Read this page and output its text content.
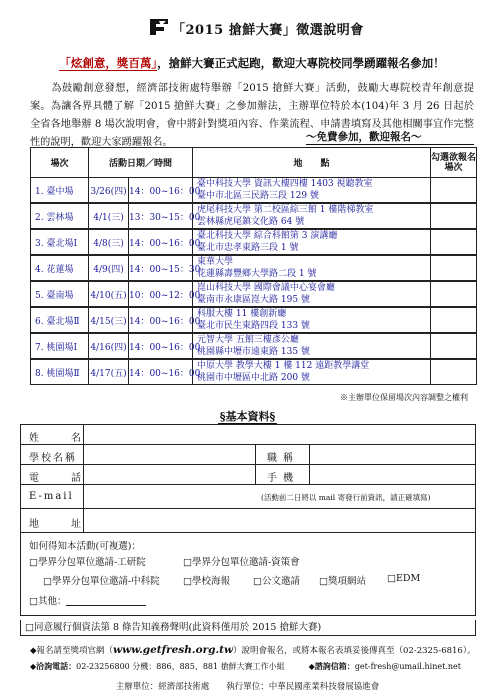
「2015 搶鮮大賽」徵選說明會
「炫創意，獎百萬」，搶鮮大賽正式起跑，歡迎大專院校同學踴躍報名參加！
為鼓勵創意發想，經濟部技術處特舉辦「2015 搶鮮大賽」活動，鼓勵大專院校青年創意提案。為讓各界具體了解「2015 搶鮮大賽」之參加辦法，主辦單位特於本(104)年 3 月 26 日起於全省各地舉辦 8 場次說明會，會中將針對獎項內容、作業流程、申請書填寫及其他相關事宜作完整性的說明，歡迎大家踴躍報名。	～免費參加，歡迎報名～
場次	活動日期／時間		地　　點	勾選欲報名場次
1. 臺中場	3/26(四)	14：00~16：00	臺中科技大學 資訊大樓四樓 1403 視聽教室
臺中市北區三民路三段 129 號	

2. 雲林場	4/1(三)	13：30~15：00	虎尾科技大學 第二校區綜三館 1 樓階梯教室
雲林縣虎尾鎮文化路 64 號	

3. 臺北場Ⅰ	4/8(三)	14：00~16：00	臺北科技大學 綜合科館第 3 演講廳
臺北市忠孝東路三段 1 號	

4. 花蓮場	4/9(四)	14：00~15：30	東華大學
花蓮縣壽豐鄉大學路二段 1 號	

5. 臺南場	4/10(五)	10：00~12：00	崑山科技大學 國際會議中心宴會廳
臺南市永康區崑大路 195 號	

6. 臺北場Ⅱ	4/15(三)	14：00~16：00	科服大樓 11 樓創新廳
臺北市民生東路四段 133 號	

7. 桃園場Ⅰ	4/16(四)	14：00~16：00	元智大學 五館三樓彥公廳
桃園縣中壢市遠東路 135 號	

8. 桃園場Ⅱ	4/17(五)	14：00~16：00	中原大學 教學大樓 1 樓 112 遠距教學講堂
桃園市中壢區中北路 200 號	

※主辦單位保留場次內容調整之權利
§基本資料§
姓　　名
學校名稱	職稱
電　　話	手機
E-mail	(活動前二日將以 mail 寄發行前資訊，請正確填寫)
地　　址
如何得知本活動(可複選)：
□學界分包單位邀請-工研院	□學界分包單位邀請-資策會
□學界分包單位邀請-中科院 □學校海報 □公文邀請 □獎項網站 □EDM
□其他：
□同意履行個資法第 8 條告知義務聲明(此資料僅用於 2015 搶鮮大賽)
◆報名請至獎項官網（www.getfresh.org.tw）說明會報名，或將本報名表填妥後傳真至（02-2325-6816）。
◆洽詢電話：02-23256800 分機：886、885、881 搶鮮大賽工作小組	◆諮詢信箱：get-fresh@umail.hinet.net
主辦單位：經濟部技術處　　執行單位：中華民國產業科技發展協進會
